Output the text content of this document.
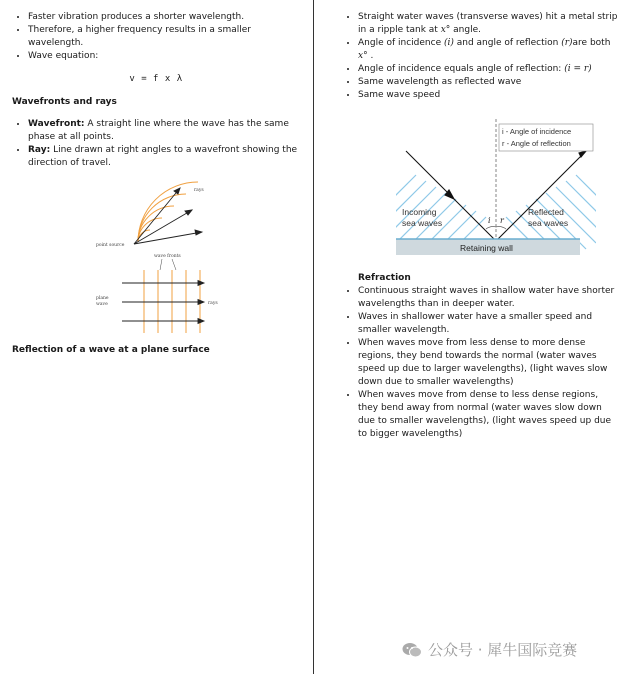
• Faster vibration produces a shorter wavelength.
• Therefore, a higher frequency results in a smaller wavelength.
• Wave equation:
v = f x λ

Wavefronts and rays

• Wavefront: A straight line where the wave has the same phase at all points.
• Ray: Line drawn at right angles to a wavefront showing the direction of travel.
rays
point source
wave fronts
plane wave	rays

Reflection of a wave at a plane surface

• Straight water waves (transverse waves) hit a metal strip in a ripple tank at x° angle.
• Angle of incidence (i) and angle of reflection (r)are both x° .
• Angle of incidence equals angle of reflection: (i = r)
• Same wavelength as reflected wave
• Same wave speed
i r
i - Angle of incidence
r - Angle of reflection
Incoming
sea waves
Reflected
sea waves
Retaining wall

Refraction

• Continuous straight waves in shallow water have shorter wavelengths than in deeper water.
• Waves in shallower water have a smaller speed and smaller wavelength.
• When waves move from less dense to more dense regions, they bend towards the normal (water waves speed up due to larger wavelengths), (light waves slow down due to smaller wavelengths)
• When waves move from dense to less dense regions, they bend away from normal (water waves slow down due to smaller wavelengths), (light waves speed up due to bigger wavelengths)
公众号 · 犀牛国际竞赛
